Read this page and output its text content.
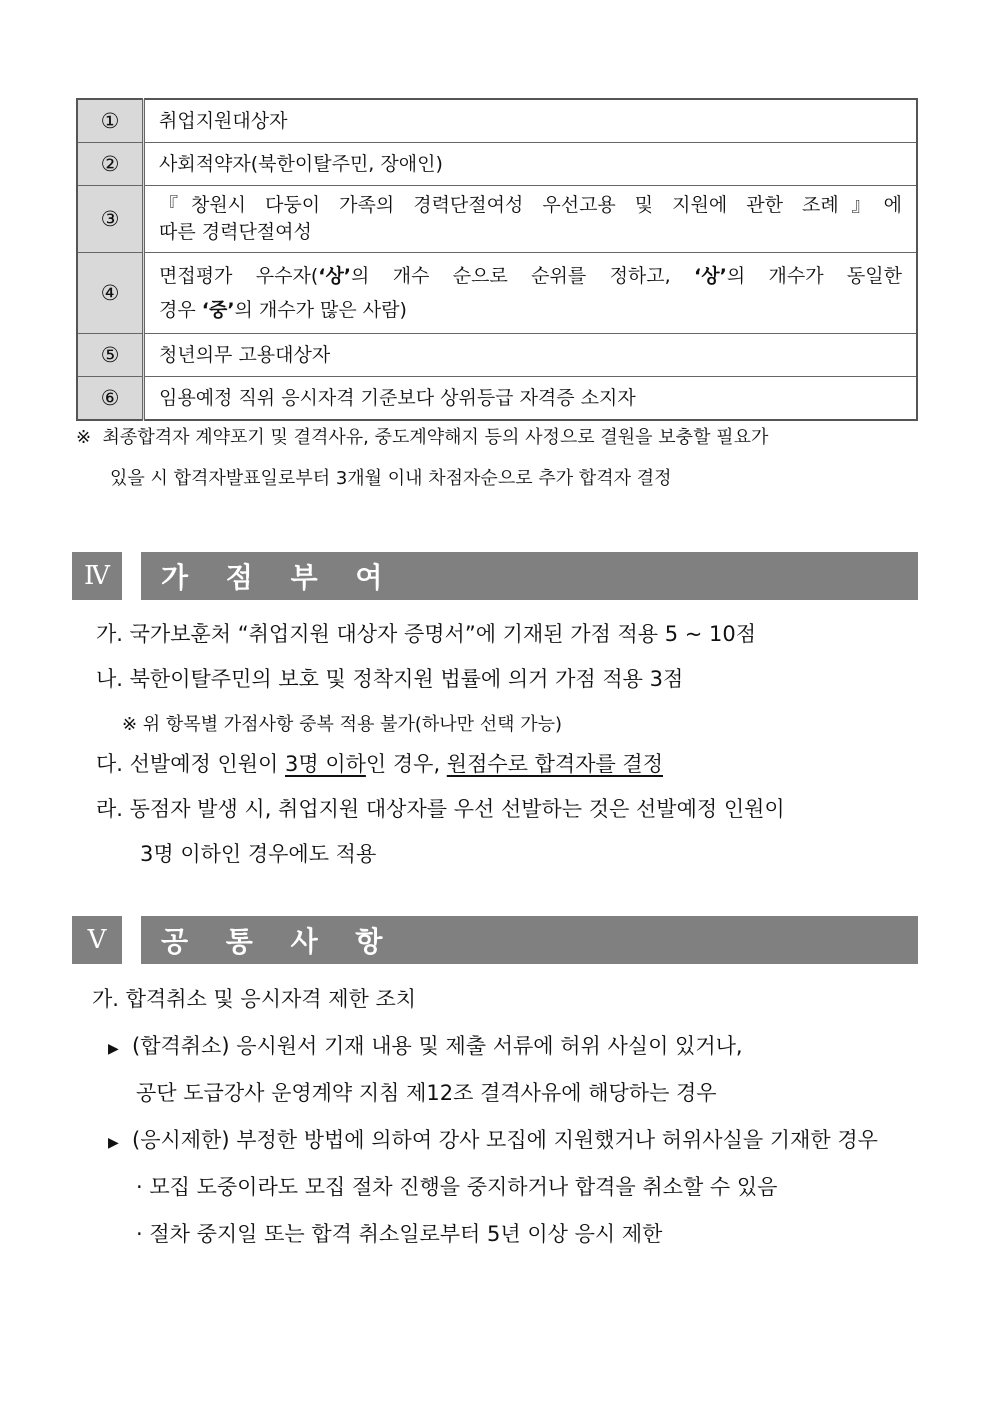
①	취업지원대상자
②	사회적약자(북한이탈주민, 장애인)
③	『창원시 다둥이 가족의 경력단절여성 우선고용 및 지원에 관한 조례』에
따른 경력단절여성

④	면접평가 우수자(‘상’의 개수 순으로 순위를 정하고, ‘상’의 개수가 동일한
경우 ‘중’의 개수가 많은 사람)

⑤	청년의무 고용대상자
⑥	임용예정 직위 응시자격 기준보다 상위등급 자격증 소지자
※ 최종합격자 계약포기 및 결격사유, 중도계약해지 등의 사정으로 결원을 보충할 필요가
있을 시 합격자발표일로부터 3개월 이내 차점자순으로 추가 합격자 결정
Ⅳ	가 점 부 여
가. 국가보훈처 “취업지원 대상자 증명서”에 기재된 가점 적용 5 ~ 10점
나. 북한이탈주민의 보호 및 정착지원 법률에 의거 가점 적용 3점
※ 위 항목별 가점사항 중복 적용 불가(하나만 선택 가능)
다. 선발예정 인원이 3명 이하인 경우, 원점수로 합격자를 결정
라. 동점자 발생 시, 취업지원 대상자를 우선 선발하는 것은 선발예정 인원이
3명 이하인 경우에도 적용
Ⅴ	공 통 사 항
가. 합격취소 및 응시자격 제한 조치
▶ (합격취소) 응시원서 기재 내용 및 제출 서류에 허위 사실이 있거나,
공단 도급강사 운영계약 지침 제12조 결격사유에 해당하는 경우
▶ (응시제한) 부정한 방법에 의하여 강사 모집에 지원했거나 허위사실을 기재한 경우
· 모집 도중이라도 모집 절차 진행을 중지하거나 합격을 취소할 수 있음
· 절차 중지일 또는 합격 취소일로부터 5년 이상 응시 제한
